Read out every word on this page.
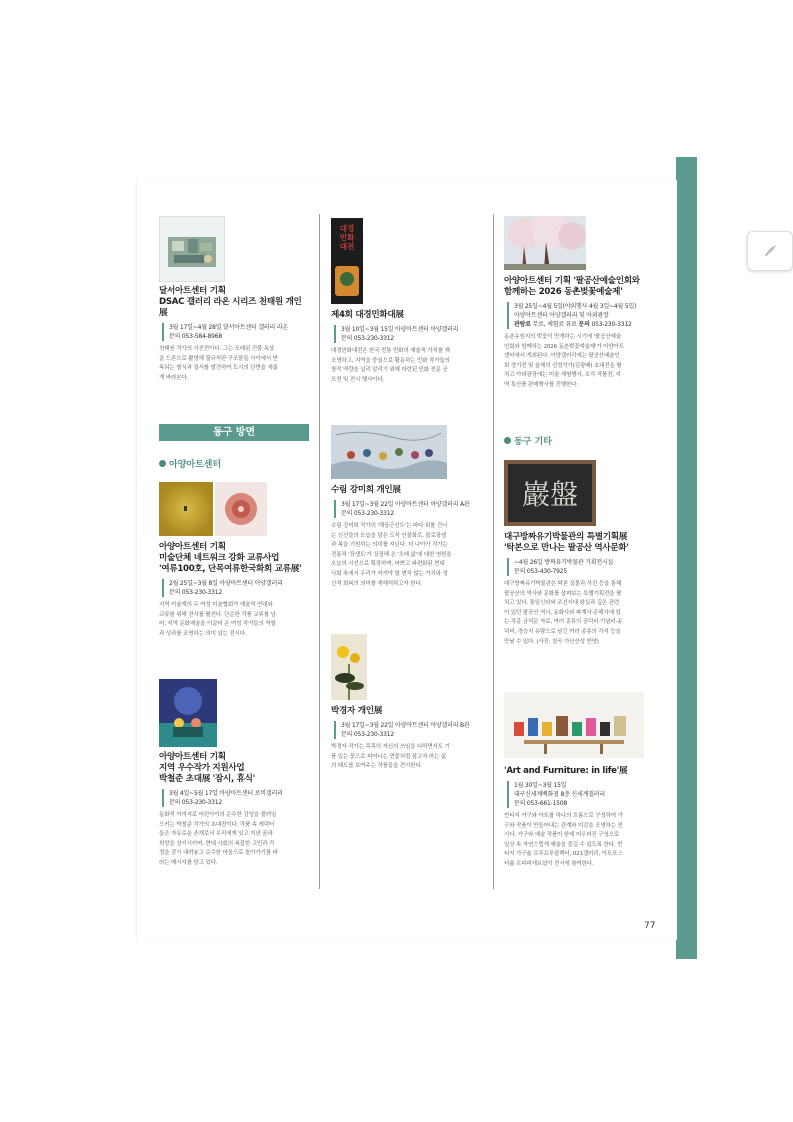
달서아트센터 기획
DSAC 갤러리 라온 시리즈 천태원 개인展

3월 17일~4월 28일 달서아트센터 갤러리 라온
문의 053-584-8968

천태원 작가의 사진전이다. 그는 오래된 건물 옥상
을 드론으로 촬영해 불규칙한 구조물들 사이에서 반
복되는 형식과 질서를 발견하여 도시의 단면을 새롭
게 바라본다.

동구 방면
아양아트센터

아양아트센터 기획
미술단체 네트워크 강화 교류사업
'여류100호, 단목여류한국화회 교류展'

2월 25일~3월 8일 아양아트센터 아양갤러리
문의 053-230-3312

지역 미술계의 두 여성 미술협회가 예술적 연대와
교류를 위해 전시를 펼친다. 단순한 작품 교류를 넘
어, 지역 문화예술을 이끌어 온 여성 작가들의 역할
과 성과를 조명하는 의미 있는 전시다.

아양아트센터 기획
지역 우수작가 지원사업
박철준 초대展 '잠시, 휴식'

3월 4일~5월 17일 아양아트센터 로비갤러리
문의 053-230-3312

동화적 이미지로 어린아이의 순수한 감성을 불러일
으키는 박철준 작가의 초대전이다. 작품 속 캐릭터
들은 자유로운 존재로서 우리에게 잊고 지낸 꿈과
희망을 상기시키며, 현대 사회의 복잡한 고민과 걱
정을 잠시 내려놓고 순수한 마음으로 돌아가기를 바
라는 메시지를 담고 있다.

대경 민화 대전

제4회 대경민화대展

3월 10일~3월 15일 아양아트센터 아양갤러리
문의 053-230-3312

대경민화대전은 한국 전통 민화의 예술적 가치를 재
조명하고, 지역을 중심으로 활동하는 민화 작가들의
창작 역량을 널리 알리기 위해 마련된 민화 전문 공
모전 및 전시 행사이다.

수림 강미희 개인展

3월 17일~3월 22일 아양아트센터 아양갤러리 A관
문의 053-230-3312

수림 강미희 작가의 '해상군선도'는 바다 위를 건너
는 신선들의 모습을 담은 도석 인물화로, 불로장생
과 복을 기원하는 의미를 지닌다. 더 나아가 작가는
전통적 '장생도'가 상징해 온 '오래 삶'에 대한 염원을
오늘의 시선으로 확장하며, 바쁘고 파편화된 현대
사회 속에서 우리가 지켜야 할 변치 않는 가치와 정
신적 회복의 의미를 재해석하고자 한다.

박경자 개인展

3월 17일~3월 22일 아양아트센터 아양갤러리 B관
문의 053-230-3312

박경자 작가는 목목히 자신의 쓰임을 다하면서도 기
품 있는 꽃으로 피어나는 연꽃처럼 살고자 하는 삶
의 태도를 보여주는 작품들을 전시한다.

아양아트센터 기획 '팔공산예술인회와
함께하는 2026 동촌벚꽃예술제'

3월 25일~4월 5일(야외행사 4월 3일~4월 5일)
아양아트센터 아양갤러리 및 아외광장
관람료 무료, 체험료 유료 문의 053-230-3312

동촌유원지의 벚꽃이 만개하는 시기에 '팔공산예술
인회와 함께하는 2026 동촌벚꽃예술제'가 아양아트
센터에서 개최된다. 아양갤러리에는 팔공산예술인
회 정기전 및 올해의 선정작가(김광배) 초대전을 펼
치고 아외광장에는 미술 체험행사, 조각 작품전, 지
역 특산품 판매행사를 진행한다.

동구 기타
巖盤

대구방짜유기박물관의 특별기획展
'탁본으로 만나는 팔공산 역사문화'

~4월 26일 방짜유기박물관 기획전시실
문의 053-430-7925

대구방짜유기박물관은 탁본 실물과 사진 등을 통해
팔공산의 역사와 문화를 살펴보는 특별기획전을 펼
치고 있다. 통일신라와 조선시대 왕실과 깊은 관련
이 있던 팔공산 역사, 동화사와 파계사·은해사에 있
는 각종 금석문 자료, 여러 종류의 공덕비·기념비·송
덕비, 경승지 유람으로 남긴 여러 종류의 각석 등을
만날 수 있다. (사진: 칠곡 가산산성 반양)

'Art and Furniture: in life'展

1월 30일~3월 15일
대구신세계백화점 8층 신세계갤러리
문의 053-661-1508

빈티지 가구와 아트를 하나의 흐름으로 구성하여 가
구와 작품이 만들어내는 관계와 미감을 조명하는 전
시다. 가구와 예술 작품이 한데 어우러진 구성으로
일상 속 자연스럽게 예술을 즐길 수 있도록 한다. 빈
티지 가구숍 프루프루콜렉터, 021갤러리, 아트포스
터숍 르피피에르샵이 전시에 참여한다.

77
